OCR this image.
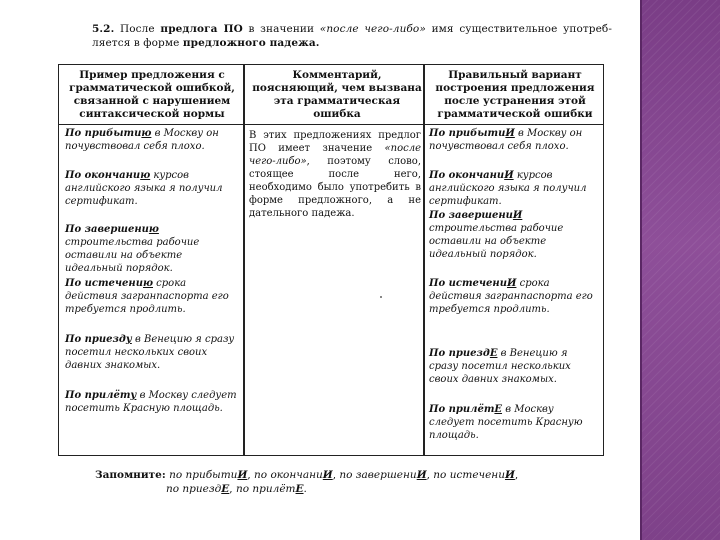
5.2. После предлога ПО в значении «после чего-либо» имя существительное употреб-ляется в форме предложного падежа.
Пример предложения с грамматической ошибкой, связанной с нарушением синтаксической нормы
Комментарий, поясняющий, чем вызвана эта грамматическая ошибка
Правильный вариант построения предложения после устранения этой грамматической ошибки
По прибытию в Москву он почувствовал себя плохо.
По окончанию курсов английского языка я получил сертификат.
По завершению строительства рабочие оставили на объекте идеальный порядок.
По истечению срока действия загранпаспорта его требуется продлить.
По приезду в Венецию я сразу посетил нескольких своих давних знакомых.
По прилёту в Москву следует посетить Красную площадь.
В этих предложениях предлог ПО имеет значение «после чего-либо», поэтому слово, стоящее после него, необходимо было употребить в форме предложного, а не дательного падежа.
По прибытиИ в Москву он почувствовал себя плохо.
По окончаниИ курсов английского языка я получил сертификат.
По завершениИ строительства рабочие оставили на объекте идеальный порядок.
По истечениИ срока действия загранпаспорта его требуется продлить.
По приездЕ в Венецию я сразу посетил нескольких своих давних знакомых.
По прилётЕ в Москву следует посетить Красную площадь.
Запомните: по прибытиИ, по окончаниИ, по завершениИ, по истечениИ,
по приездЕ, по прилётЕ.
